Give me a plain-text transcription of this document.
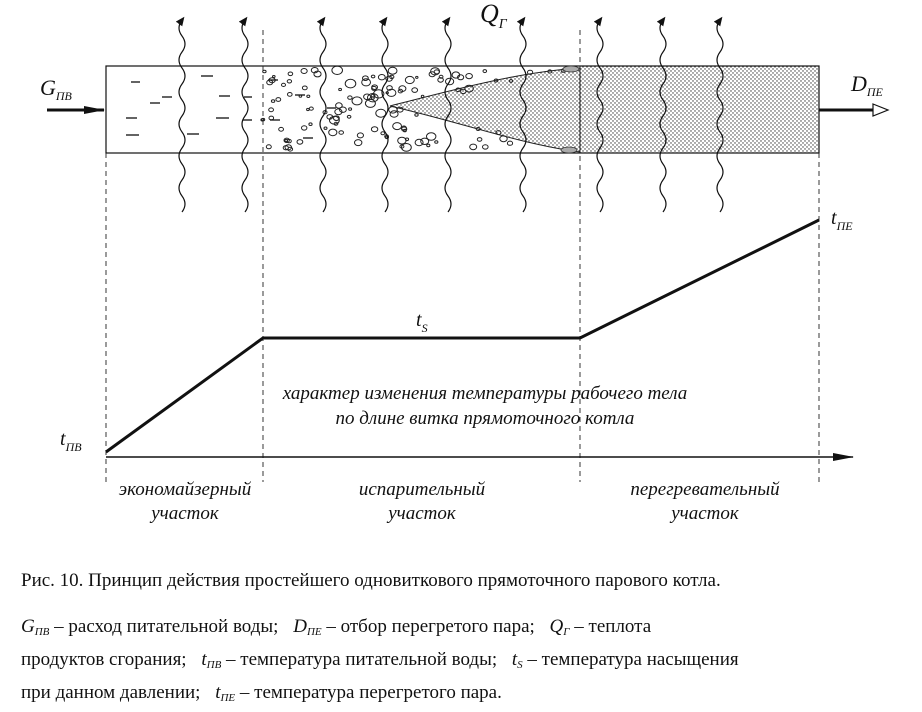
$Q_Г$
$G_{ПВ}$	$D_{ПЕ}$
$t_{ПЕ}$
$t_S$
$t_{ПВ}$
характер изменения температуры рабочего тела
по длине витка прямоточного котла
экономайзерный
участок
испарительный
участок
перегревательный
участок
Рис. 10. Принцип действия простейшего одновиткового прямоточного парового котла.
$G_{ПВ}$ – расход питательной воды; $D_{ПЕ}$ – отбор перегретого пара; $Q_Г$ – теплота
продуктов сгорания; $t_{ПВ}$ – температура питательной воды; $t_S$ – температура насыщения
при данном давлении; $t_{ПЕ}$ – температура перегретого пара.
